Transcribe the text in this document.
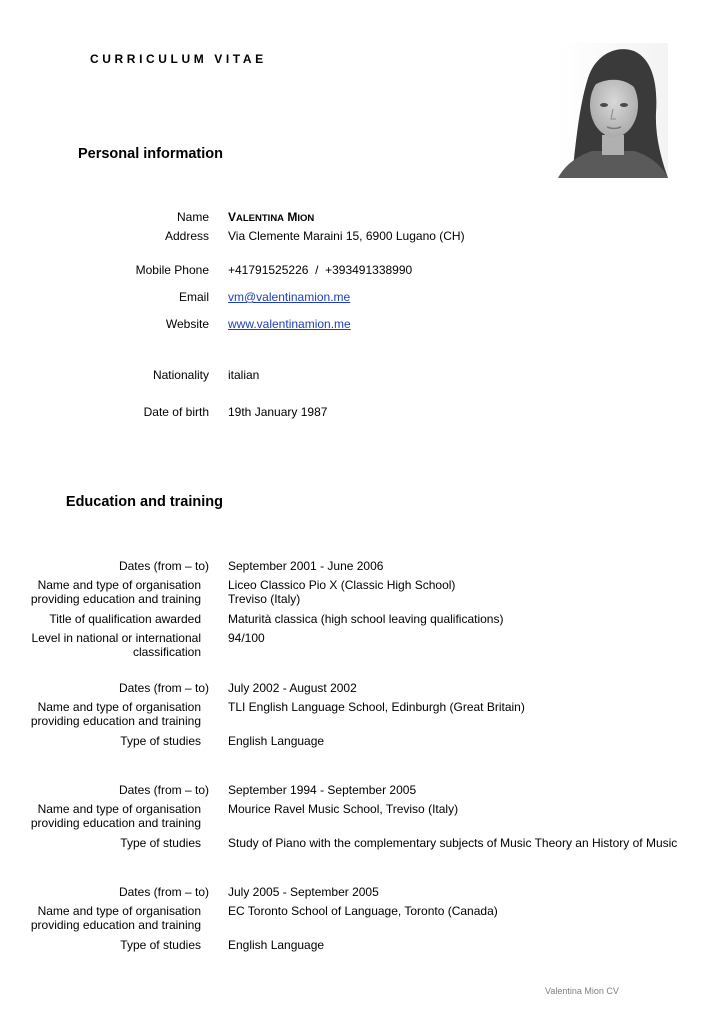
CURRICULUM VITAE
Personal information
Name VALENTINA MION
Address Via Clemente Maraini 15, 6900 Lugano (CH)
Mobile Phone +41791525226  /  +393491338990
Email vm@valentinamion.me
Website www.valentinamion.me
Nationality italian
Date of birth 19th January 1987
Education and training
Dates (from – to) September 2001 - June 2006
Name and type of organisation
providing education and training
Liceo Classico Pio X (Classic High School)
Treviso (Italy)
Title of qualification awarded Maturità classica (high school leaving qualifications)
Level in national or international
classification
94/100
Dates (from – to) July 2002 - August 2002
Name and type of organisation
providing education and training
TLI English Language School, Edinburgh (Great Britain)
Type of studies English Language
Dates (from – to) September 1994 - September 2005
Name and type of organisation
providing education and training
Mourice Ravel Music School, Treviso (Italy)
Type of studies Study of Piano with the complementary subjects of Music Theory an History of Music
Dates (from – to) July 2005 - September 2005
Name and type of organisation
providing education and training
EC Toronto School of Language, Toronto (Canada)
Type of studies English Language
Valentina Mion CV
